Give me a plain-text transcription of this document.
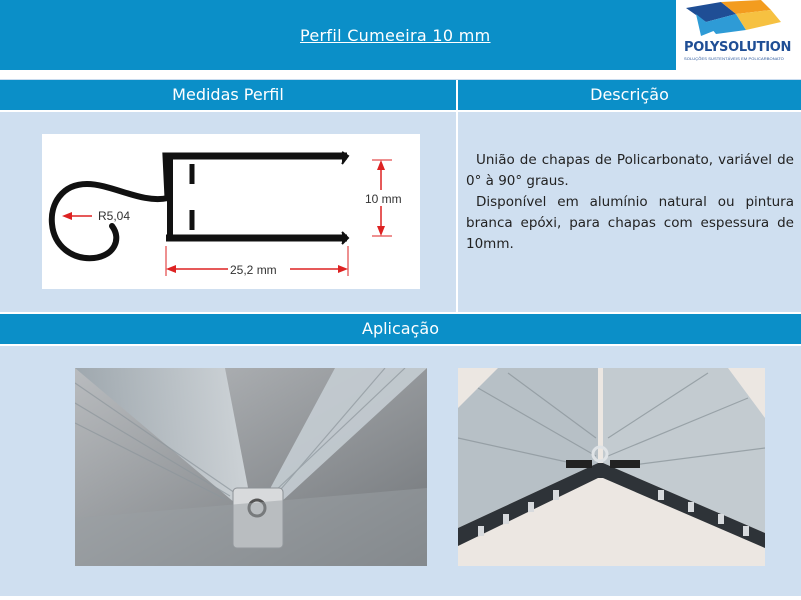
Perfil Cumeeira 10 mm
POLYSOLUTION
SOLUÇÕES SUSTENTÁVEIS EM POLICARBONATO
Medidas Perfil	Descrição
R5,04
10 mm
25,2 mm

União de chapas de Policarbonato, variável de 0° à 90° graus.

Disponível em alumínio natural ou pintura branca epóxi, para chapas com espessura de 10mm.

Aplicação
